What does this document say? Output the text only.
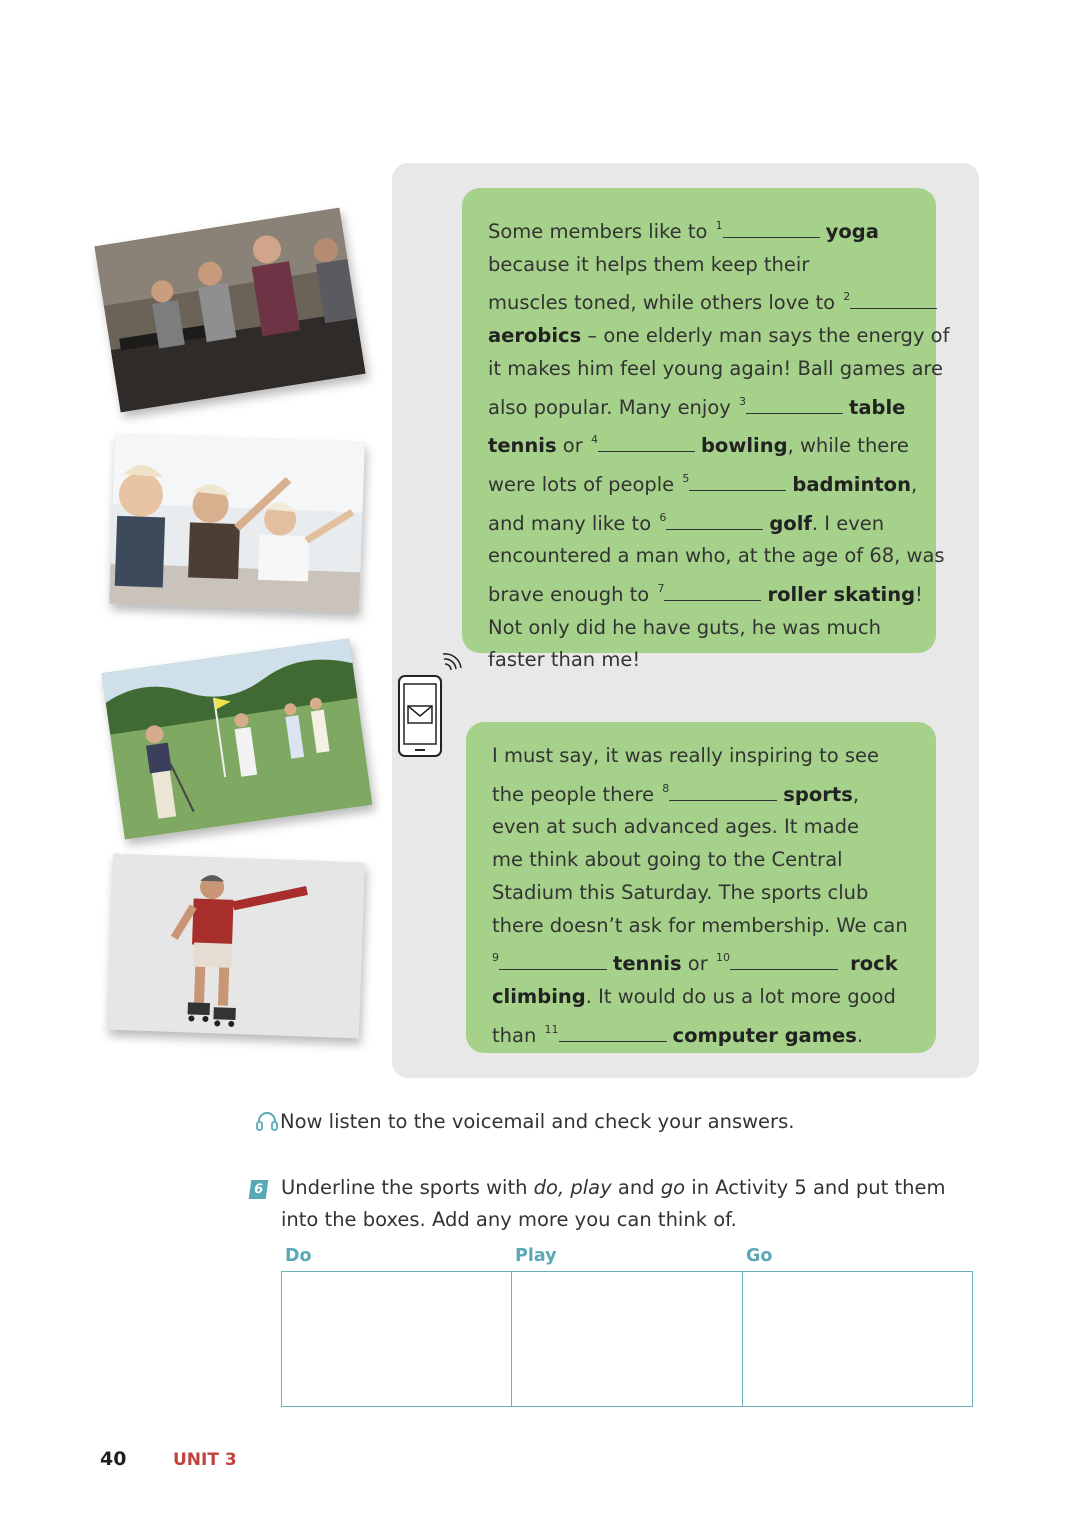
Some members like to $^1$	yoga
because it helps them keep their
muscles toned, while others love to $^2$
aerobics – one elderly man says the energy of
it makes him feel young again! Ball games are
also popular. Many enjoy $^3$	table
tennis or $^4$	bowling, while there
were lots of people $^5$	badminton,
and many like to $^6$	golf. I even
encountered a man who, at the age of 68, was
brave enough to $^7$	roller skating!
Not only did he have guts, he was much
faster than me!
I must say, it was really inspiring to see
the people there $^8$	sports,
even at such advanced ages. It made
me think about going to the Central
Stadium this Saturday. The sports club
there doesn’t ask for membership. We can
$^9$	tennis or $^{10}$	rock
climbing. It would do us a lot more good
than $^{11}$	computer games.
Now listen to the voicemail and check your answers.
6 Underline the sports with do, play and go in Activity 5 and put them
into the boxes. Add any more you can think of.
Do	Play	Go
40	UNIT 3
